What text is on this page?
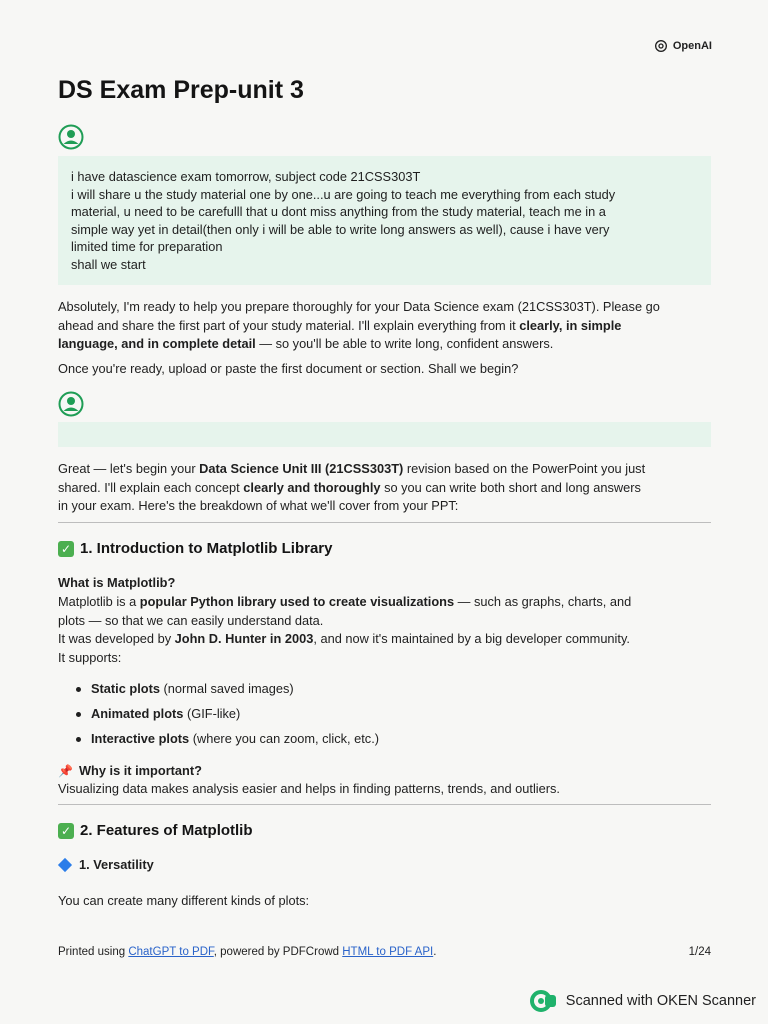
OpenAI
DS Exam Prep-unit 3
i have datascience exam tomorrow, subject code 21CSS303T
i will share u the study material one by one...u are going to teach me everything from each study
material, u need to be carefulll that u dont miss anything from the study material, teach me in a
simple way yet in detail(then only i will be able to write long answers as well), cause i have very
limited time for preparation
shall we start

Absolutely, I'm ready to help you prepare thoroughly for your Data Science exam (21CSS303T). Please go
ahead and share the first part of your study material. I'll explain everything from it clearly, in simple
language, and in complete detail — so you'll be able to write long, confident answers.

Once you're ready, upload or paste the first document or section. Shall we begin?

Great — let's begin your Data Science Unit III (21CSS303T) revision based on the PowerPoint you just
shared. I'll explain each concept clearly and thoroughly so you can write both short and long answers
in your exam. Here's the breakdown of what we'll cover from your PPT:

✓ 1. Introduction to Matplotlib Library
What is Matplotlib?
Matplotlib is a popular Python library used to create visualizations — such as graphs, charts, and
plots — so that we can easily understand data.
It was developed by John D. Hunter in 2003, and now it's maintained by a big developer community.
It supports:
Static plots (normal saved images)
Animated plots (GIF-like)
Interactive plots (where you can zoom, click, etc.)
📌 Why is it important?
Visualizing data makes analysis easier and helps in finding patterns, trends, and outliers.
✓ 2. Features of Matplotlib
1. Versatility
You can create many different kinds of plots:
Printed using ChatGPT to PDF, powered by PDFCrowd HTML to PDF API.	1/24
Scanned with OKEN Scanner
